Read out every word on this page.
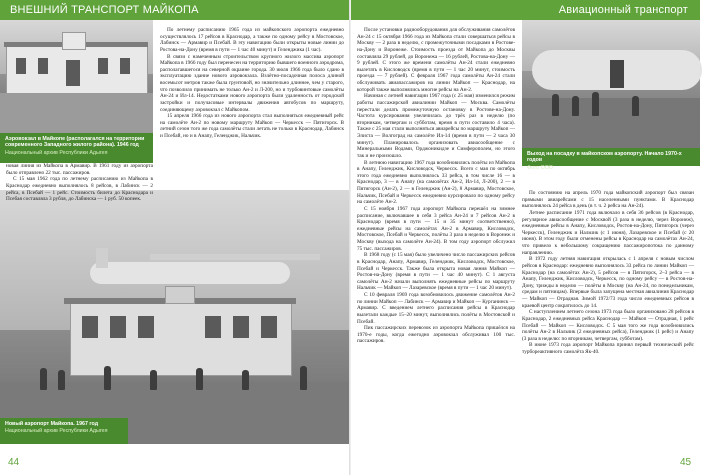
ВНЕШНИЙ ТРАНСПОРТ МАЙКОПА	Авиационный транспорт
Аэровокзал в Майкопе (располагался на территории современного Западного жилого района). 1946 год
Национальный архив Республики Адыгея
Новый аэропорт Майкопа. 1967 год
Национальный архив Республики Адыгея

новая линия из Майкопа в Армавир. В 1961 году из аэропорта было отправлено 22 тыс. пассажиров.

С 15 мая 1962 года по летнему расписанию из Майкопа в Краснодар ежедневно выполнялось 8 рейсов, в Лабинск — 2 рейса, в Псебай — 1 рейс. Стоимость билета до Краснодара и Псебая составляла 3 рубля, до Лабинска — 1 руб. 50 копеек.

По летнему расписанию 1965 года из майкопского аэропорта ежедневно осуществлялось 17 рейсов в Краснодар, а также по одному рейсу в Мостовское, Лабинск — Армавир и Псебай. В эту навигацию были открыты новые линии до Ростова-на-Дону (время в пути — 1 час 40 минут) и Геленджика (1 час).

В связи с намеченным строительством крупного жилого массива аэропорт Майкопа в 1966 году был перенесен на территорию бывшего военного аэродрома, располагавшегося на северной окраине города. 30 июля 1966 года было сдано в эксплуатацию здание нового аэровокзала. Взлётно-посадочная полоса длиной восемьсот метров также была грунтовой, но значительно длиннее, чем у старого, что позволило принимать не только Ан-2 и Л-200, но и турбовинтовые самолёты Ан-24 и Ил-14. Недостатками нового аэропорта были удаленность от городской застройки и получасовые интервалы движения автобусов по маршруту, соединяющему аэровокзал с Майкопом.

15 апреля 1966 года из нового аэропорта стал выполняться ежедневный рейс на самолёте Ан-2 по новому маршруту Майкоп — Черкесск — Пятигорск. В летний сезон того же года самолёты стали летать не только в Краснодар, Лабинск и Псебай, но и в Анапу, Геленджик, Нальчик.

После установки радиооборудования для обслуживания самолётов Ан-24 с 15 октября 1966 года из Майкопа стали совершаться рейсы в Москву — 2 раза в неделю, с промежуточными посадками в Ростове-на-Дону и Воронеже. Стоимость проезда от Майкопа до Москвы составляла 29 рублей, до Воронежа — 16 рублей, Ростова-на-Дону — 9 рублей. С этого же времени самолёты Ан-24 стали ежедневно вылетать в Кисловодск (время в пути — 1 час 20 минут, стоимость проезда — 7 рублей). С февраля 1967 года самолёты Ан-24 стали обслуживать авиапассажиров на линии Майкоп — Краснодар, на которой также выполнялись многие рейсы на Ан-2.

Начиная с летней навигации 1967 года (с 25 мая) изменился режим работы пассажирской авиалинии Майкоп — Москва. Самолёты перестали делать промежуточную остановку в Ростове-на-Дону. Частота курсирования увеличилась до трёх раз в неделю (по вторникам, четвергам и субботам, время в пути составило 4 часа). Также с 25 мая стали выполняться авиарейсы по маршруту Майкоп — Элиста — Волгоград на самолёте Ил-14 (время в пути — 2 часа 30 минут). Планировалось организовать авиасообщение с Минеральными Водами, Орджоникидзе и Симферополем, но этого так и не произошло.

В летнюю навигацию 1967 года возобновились полёты из Майкопа в Анапу, Геленджик, Кисловодск, Черкесск. Всего с мая по октябрь этого года ежедневно выполнялось 33 рейса, в том числе 16 — в Краснодар, 3 — в Анапу (на самолётах Ан-2, Ил-14, Л-200), 2 — в Пятигорск (Ан-2), 2 — в Геленджик (Ан-2), 8 Армавир, Мостовское, Нальчик, Псебай и Черкесск ежедневно курсировало по одному рейсу на самолёте Ан-2.

С 15 ноября 1967 года аэропорт Майкопа перешёл на зимнее расписание, включавшее в себя 3 рейса Ан-24 и 7 рейсов Ан-2 в Краснодар (время в пути — 15 и 35 минут соответственно), ежедневные рейсы на самолётах Ан-2 в Армавир, Кисловодск, Мостовское, Псебай и Черкесск, полёты 3 раза в неделю в Воронеж и Москву (выхода на самолёте Ан-24). В том году аэропорт обслужил 75 тыс. пассажиров.

В 1968 году (с 15 мая) было увеличено число пассажирских рейсов в Краснодар, Анапу, Армавир, Геленджик, Кисловодск, Мостовское, Псебай и Черкесск. Также была открыта новая линия Майкоп — Ростов-на-Дону (время в пути — 1 час 40 минут). С 1 августа самолёты Ан-2 начали выполнять ежедневные рейсы по маршруту Нальчик — Майкоп — Лазаревское (время в пути — 1 час 20 минут).

С 10 февраля 1969 года возобновилось движение самолётов Ан-2 по линии Майкоп — Лабинск — Армавир и Майкоп — Курганинск — Армавир. С введением летнего расписания рейсы в Краснодар вылетали каждые 15–20 минут, выполнялись полёты в Мостовской и Псебай.

Пик пассажирских перевозок из аэропорта Майкопа пришёлся на 1970-е годы, когда ежегодно аэровокзал обслуживал 100 тыс. пассажиров.

Выход на посадку в майкопском аэропорту. Начало 1970-х годов
Фото ООО

По состоянию на апрель 1970 года майкопский аэропорт был связан прямыми авиарейсами с 15 населенными пунктами. В Краснодар выполнялось 24 рейса в день (в т. ч. 2 рейса на Ан-24).

Летнее расписание 1971 года включало в себя 36 рейсов (в Краснодар, регулярное авиасообщение с Москвой (3 раза в неделю, через Воронеж), ежедневные рейсы в Анапу, Кисловодск, Ростов-на-Дону, Пятигорск (через Черкесск), Геленджик и Нальчик (с 1 июня), Лазаревское и Псебай (с 20 июня). В этом году были отменены рейсы в Краснодар на самолётах Ан-24, что привело к небольшому сокращению пассажиропотока по данному направлению.

В 1972 году летняя навигация открылась с 1 апреля с новым числом рейсов в Краснодар: ежедневно выполнялось 33 рейса по линии Майкоп — Краснодар (на самолётах Ан-2), 5 рейсов — в Пятигорск, 2–3 рейса — в Анапу, Геленджик, Кисловодск, Черкесск, по одному рейсу — в Ростов-на-Дону, трижды в неделю — полёты в Москву (на Ан-24, по понедельникам, средам и пятницам). Впервые была запущена местная авиалиния Краснодар — Майкоп — Отрадная. Зимой 1972/73 года число ежедневных рейсов в краевой центр сократилось до 14.

С наступлением летнего сезона 1973 года было организовано 28 рейсов в Краснодар, 2 ежедневных рейса Краснодар — Майкоп — Отрадная, 1 рейс Псебай — Майкоп — Кисловодск. С 5 мая того же года возобновились полёты Ан-2 в Нальчик (2 ежедневных рейса), Геленджик (1 рейс) и Анапу (3 раза в неделю: по вторникам, четвергам, субботам).

В июне 1973 года аэропорт Майкопа принял первый технический рейс турбореактивного самолёта Як-40.

44	45
